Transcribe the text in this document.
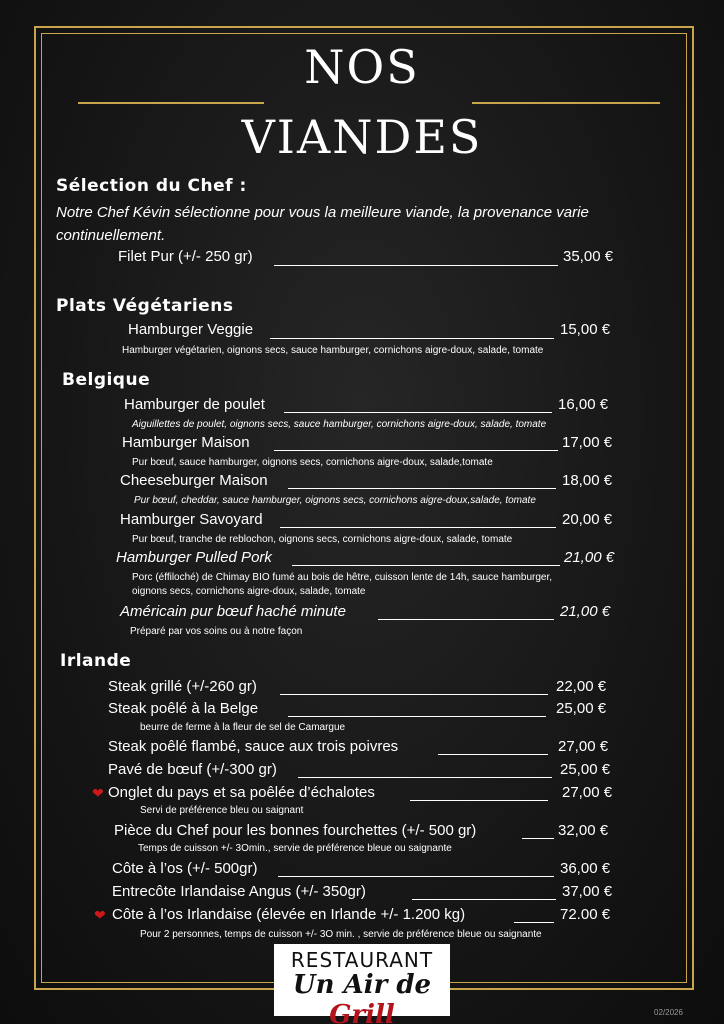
NOS
VIANDES
Sélection du Chef :
Notre Chef Kévin sélectionne pour vous la meilleure viande, la provenance varie
continuellement.
Filet Pur (+/- 250 gr)	35,00 €
Plats Végétariens
Hamburger Veggie	15,00 €
Hamburger végétarien, oignons secs, sauce hamburger, cornichons aigre-doux, salade, tomate
Belgique
Hamburger de poulet	16,00 €
Aiguillettes de poulet, oignons secs, sauce hamburger, cornichons aigre-doux, salade, tomate
Hamburger Maison	17,00 €
Pur bœuf, sauce hamburger, oignons secs, cornichons aigre-doux, salade,tomate
Cheeseburger Maison	18,00 €
Pur bœuf, cheddar, sauce hamburger, oignons secs, cornichons aigre-doux,salade, tomate
Hamburger Savoyard	20,00 €
Pur bœuf, tranche de reblochon, oignons secs, cornichons aigre-doux, salade, tomate
Hamburger Pulled Pork	21,00 €
Porc (éffiloché) de Chimay BIO fumé au bois de hêtre, cuisson lente de 14h, sauce hamburger,
oignons secs, cornichons aigre-doux, salade, tomate
Américain pur bœuf haché minute	21,00 €
Préparé par vos soins ou à notre façon
Irlande
Steak grillé (+/-260 gr)	22,00 €
Steak poêlé à la Belge	25,00 €
beurre de ferme à la fleur de sel de Camargue
Steak poêlé flambé, sauce aux trois poivres	27,00 €
Pavé de bœuf (+/-300 gr)	25,00 €
❤ Onglet du pays et sa poêlée d’échalotes	27,00 €
Servi de préférence bleu ou saignant
Pièce du Chef pour les bonnes fourchettes (+/- 500 gr)	32,00 €
Temps de cuisson +/- 3Omin., servie de préférence bleue ou saignante
Côte à l’os (+/- 500gr)	36,00 €
Entrecôte Irlandaise Angus (+/- 350gr)	37,00 €
❤ Côte à l’os Irlandaise (élevée en Irlande +/- 1.200 kg)	72.00 €
Pour 2 personnes, temps de cuisson +/- 3O min. , servie de préférence bleue ou saignante
RESTAURANT
Un Air de Grill	02/2026
